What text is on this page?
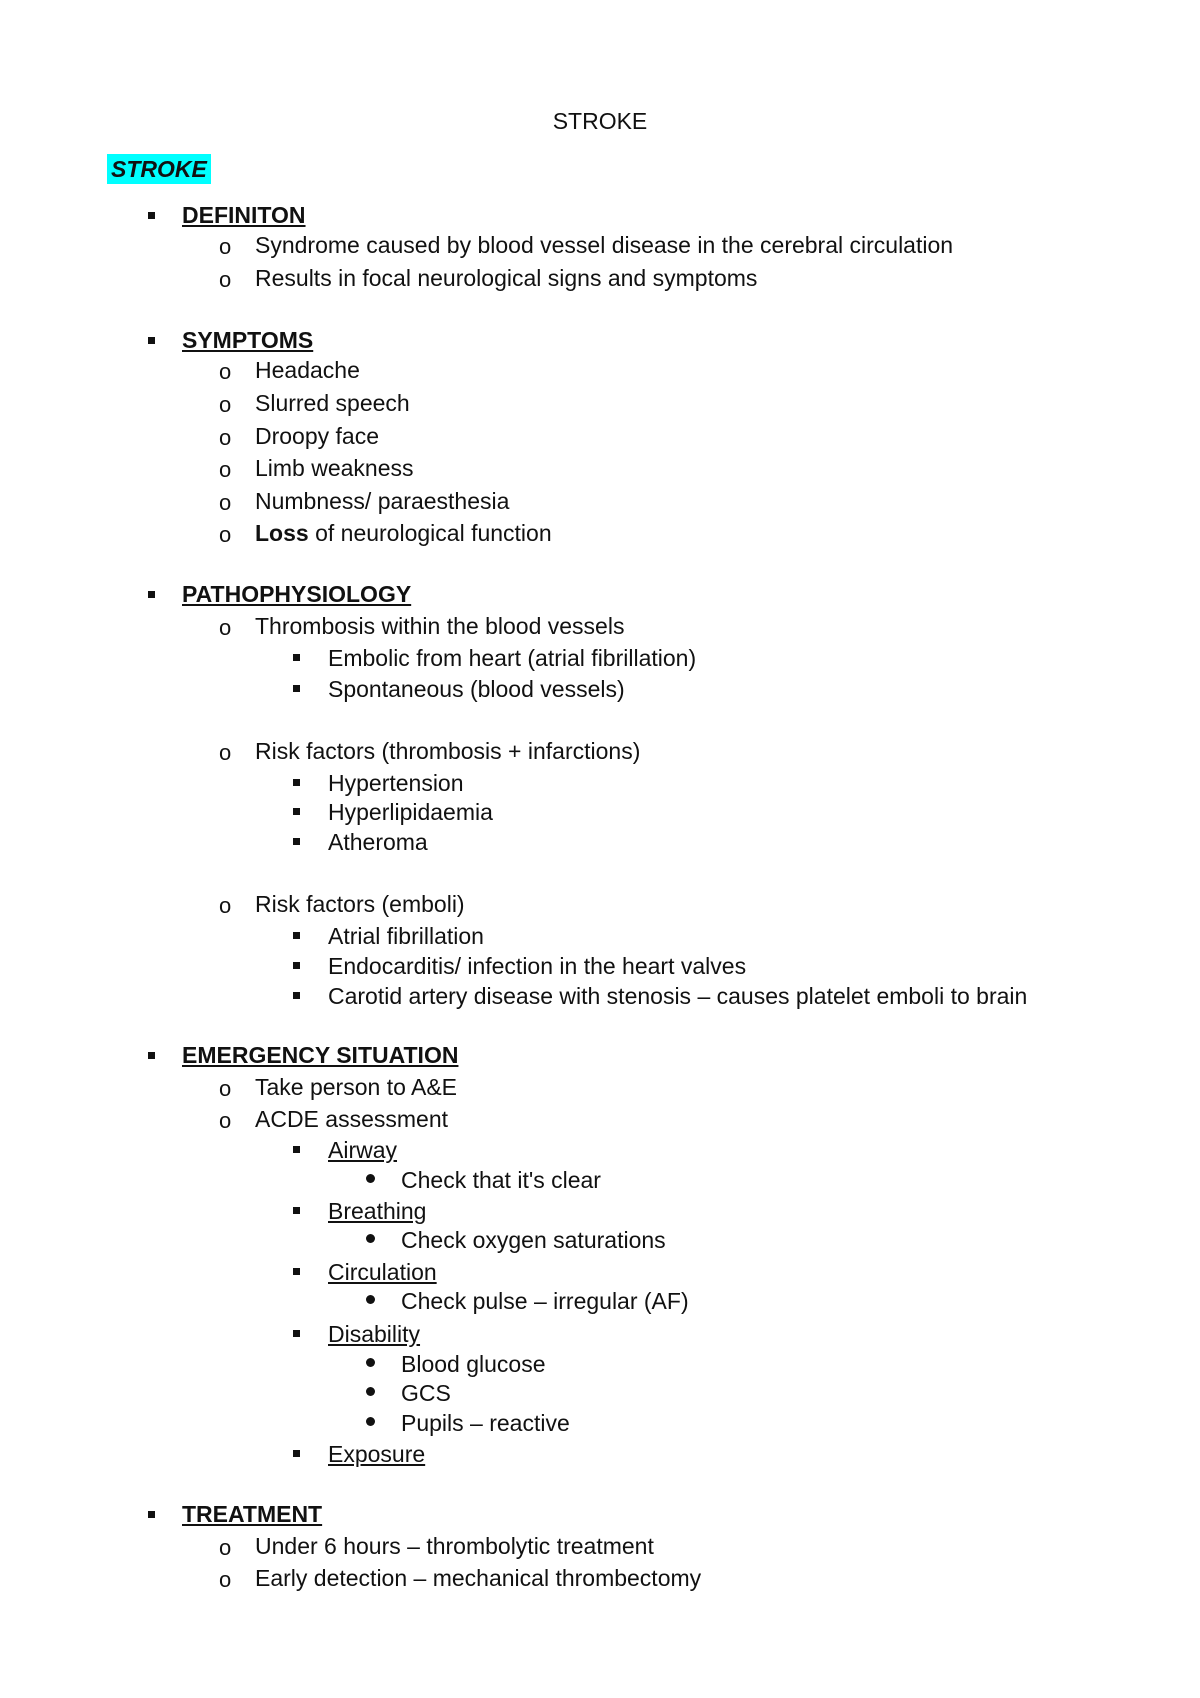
STROKE
STROKE
DEFINITON
o Syndrome caused by blood vessel disease in the cerebral circulation
o Results in focal neurological signs and symptoms
SYMPTOMS
o Headache
o Slurred speech
o Droopy face
o Limb weakness
o Numbness/ paraesthesia
o Loss of neurological function
PATHOPHYSIOLOGY
o Thrombosis within the blood vessels
Embolic from heart (atrial fibrillation)
Spontaneous (blood vessels)
o Risk factors (thrombosis + infarctions)
Hypertension
Hyperlipidaemia
Atheroma
o Risk factors (emboli)
Atrial fibrillation
Endocarditis/ infection in the heart valves
Carotid artery disease with stenosis – causes platelet emboli to brain
EMERGENCY SITUATION
o Take person to A&E
o ACDE assessment
Airway
Check that it's clear
Breathing
Check oxygen saturations
Circulation
Check pulse – irregular (AF)
Disability
Blood glucose
GCS
Pupils – reactive
Exposure
TREATMENT
o Under 6 hours – thrombolytic treatment
o Early detection – mechanical thrombectomy
